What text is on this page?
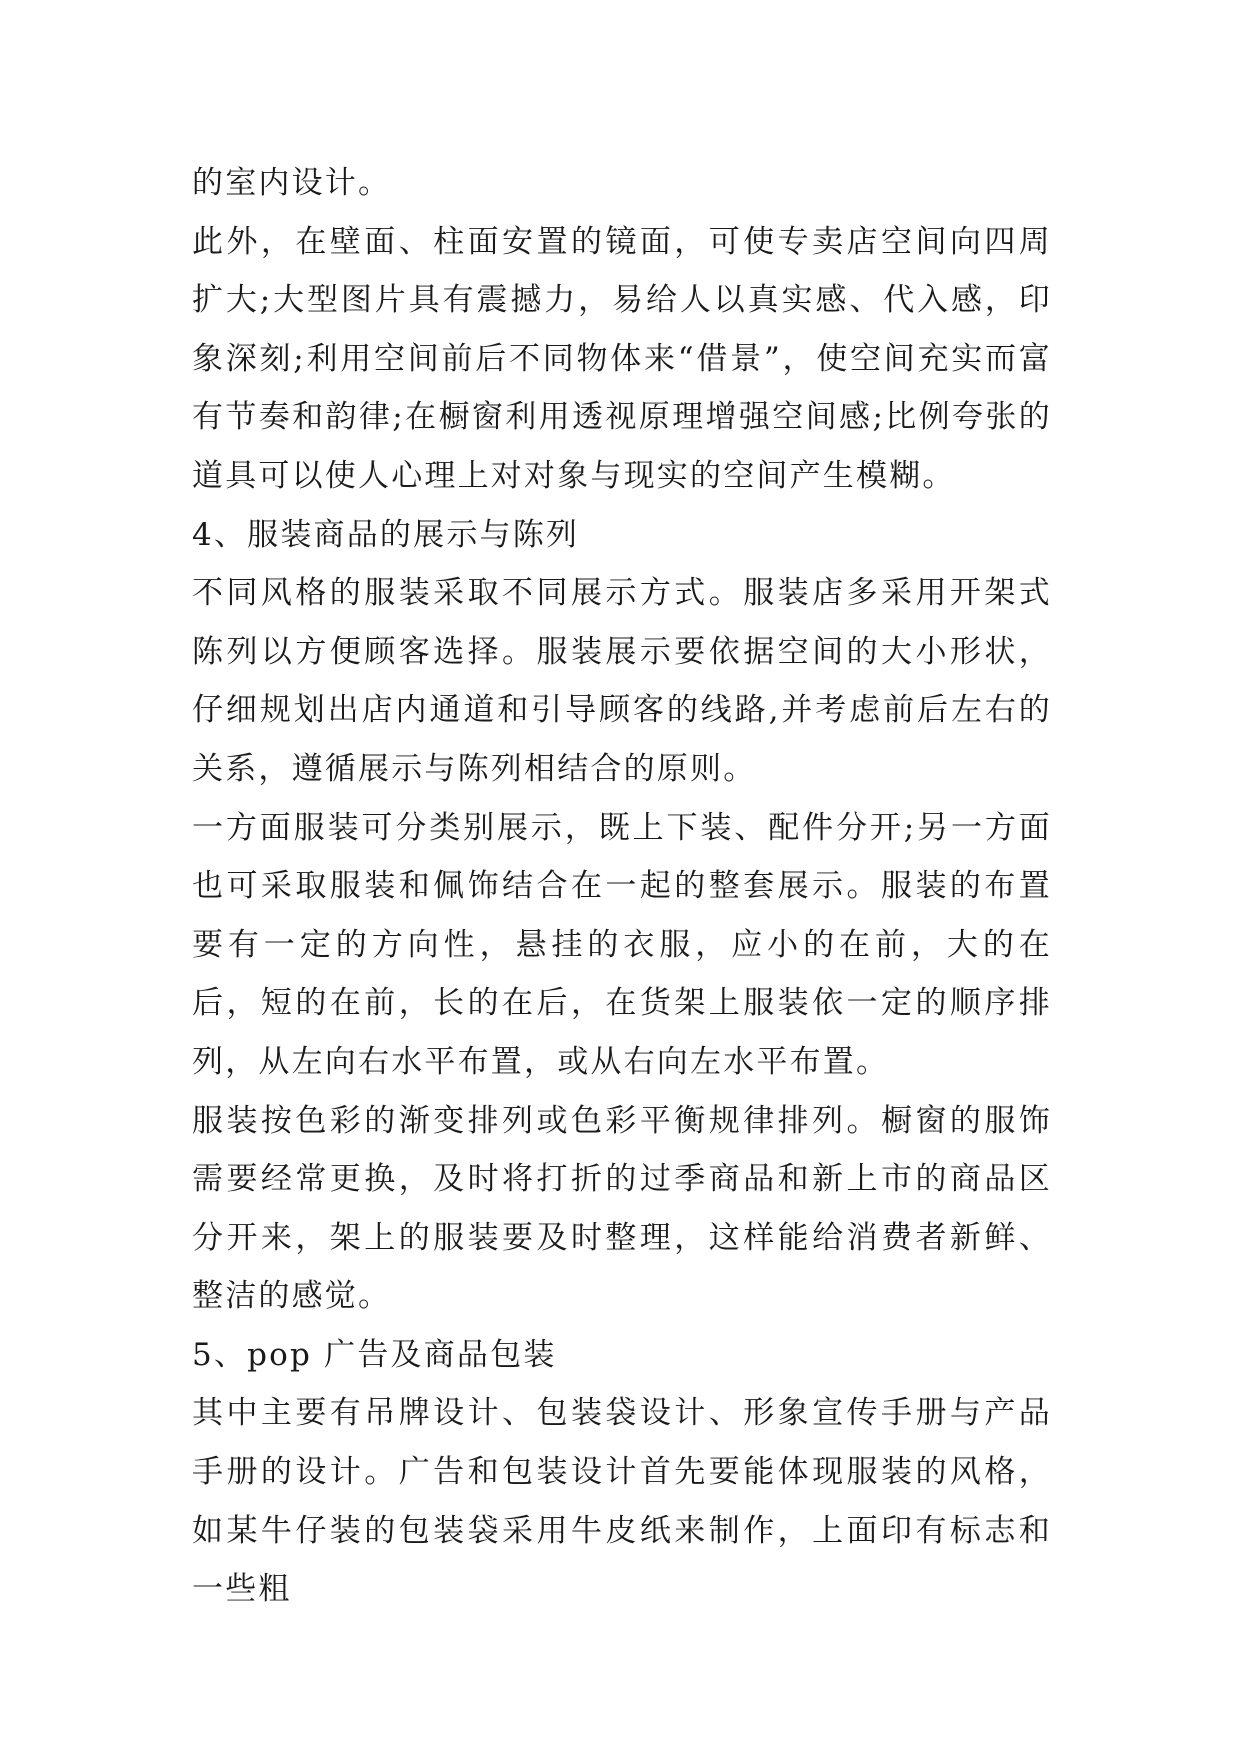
的室内设计。

此外，在壁面、柱面安置的镜面，可使专卖店空间向四周扩大;大型图片具有震撼力，易给人以真实感、代入感，印象深刻;利用空间前后不同物体来“借景”，使空间充实而富有节奏和韵律;在橱窗利用透视原理增强空间感;比例夸张的道具可以使人心理上对对象与现实的空间产生模糊。

4、服装商品的展示与陈列

不同风格的服装采取不同展示方式。服装店多采用开架式陈列以方便顾客选择。服装展示要依据空间的大小形状，仔细规划出店内通道和引导顾客的线路,并考虑前后左右的关系，遵循展示与陈列相结合的原则。

一方面服装可分类别展示，既上下装、配件分开;另一方面也可采取服装和佩饰结合在一起的整套展示。服装的布置要有一定的方向性，悬挂的衣服，应小的在前，大的在后，短的在前，长的在后，在货架上服装依一定的顺序排列，从左向右水平布置，或从右向左水平布置。

服装按色彩的渐变排列或色彩平衡规律排列。橱窗的服饰需要经常更换，及时将打折的过季商品和新上市的商品区分开来，架上的服装要及时整理，这样能给消费者新鲜、整洁的感觉。

5、pop 广告及商品包装

其中主要有吊牌设计、包装袋设计、形象宣传手册与产品手册的设计。广告和包装设计首先要能体现服装的风格，如某牛仔装的包装袋采用牛皮纸来制作，上面印有标志和一些粗
